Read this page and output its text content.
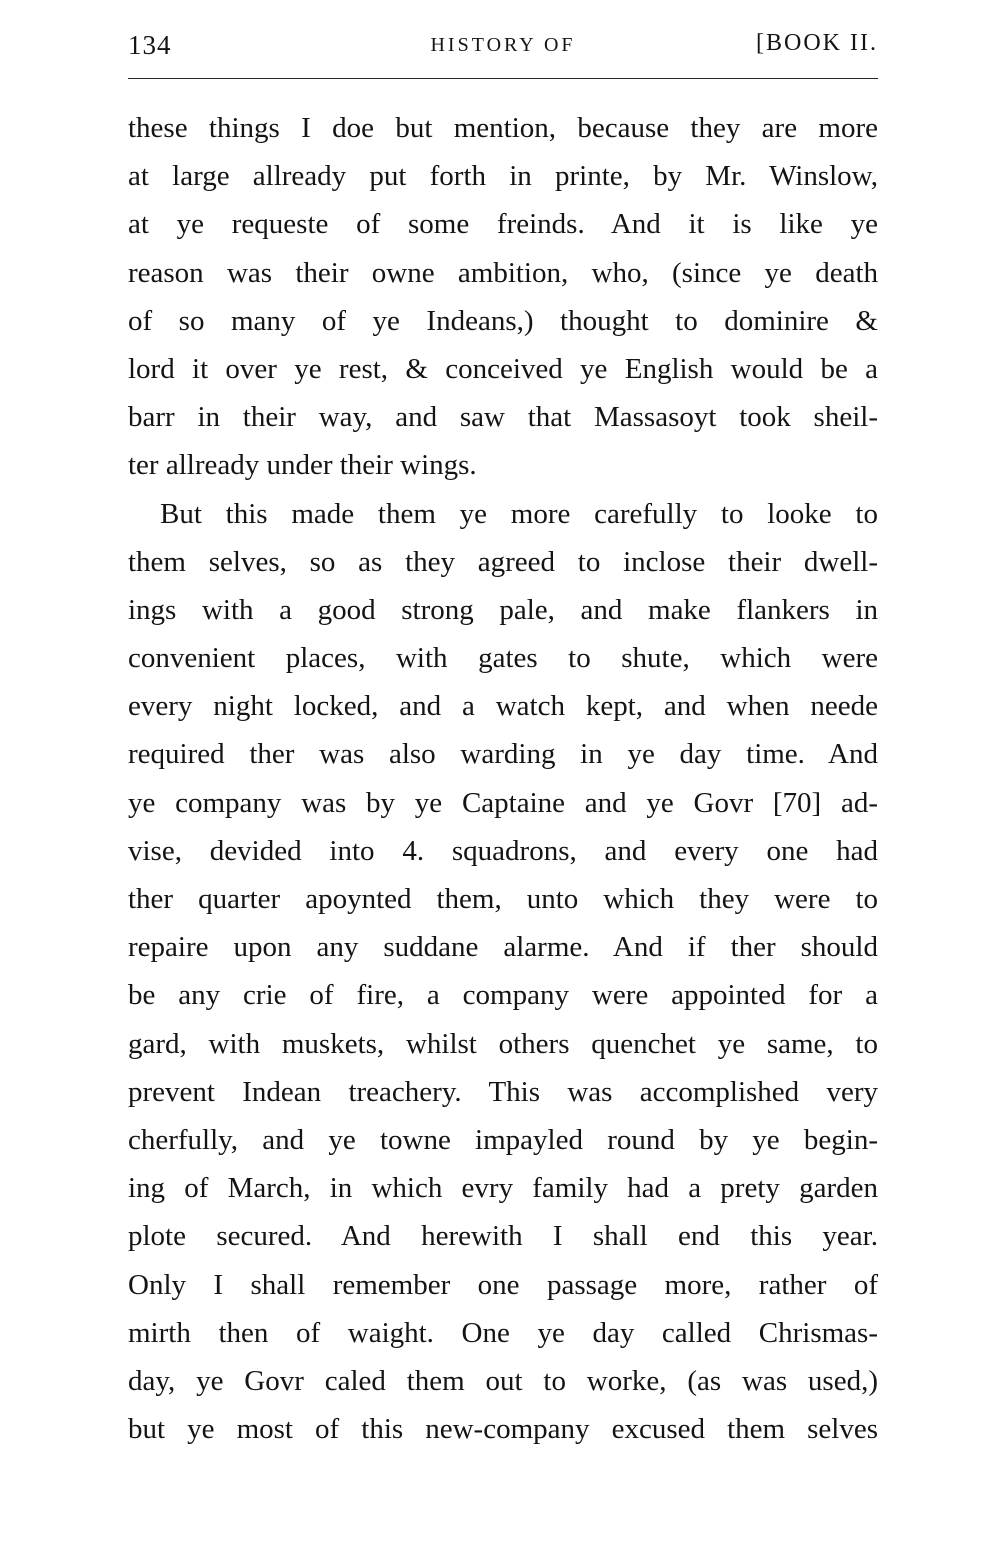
134	HISTORY OF	[BOOK II.
these things I doe but mention, because they are more
at large allready put forth in printe, by Mr. Winslow,
at ye requeste of some freinds. And it is like ye
reason was their owne ambition, who, (since ye death
of so many of ye Indeans,) thought to dominire &
lord it over ye rest, & conceived ye English would be a
barr in their way, and saw that Massasoyt took sheil-
ter allready under their wings.
But this made them ye more carefully to looke to
them selves, so as they agreed to inclose their dwell-
ings with a good strong pale, and make flankers in
convenient places, with gates to shute, which were
every night locked, and a watch kept, and when neede
required ther was also warding in ye day time. And
ye company was by ye Captaine and ye Govr [70] ad-
vise, devided into 4. squadrons, and every one had
ther quarter apoynted them, unto which they were to
repaire upon any suddane alarme. And if ther should
be any crie of fire, a company were appointed for a
gard, with muskets, whilst others quenchet ye same, to
prevent Indean treachery. This was accomplished very
cherfully, and ye towne impayled round by ye begin-
ing of March, in which evry family had a prety garden
plote secured. And herewith I shall end this year.
Only I shall remember one passage more, rather of
mirth then of waight. One ye day called Chrismas-
day, ye Govr caled them out to worke, (as was used,)
but ye most of this new-company excused them selves
